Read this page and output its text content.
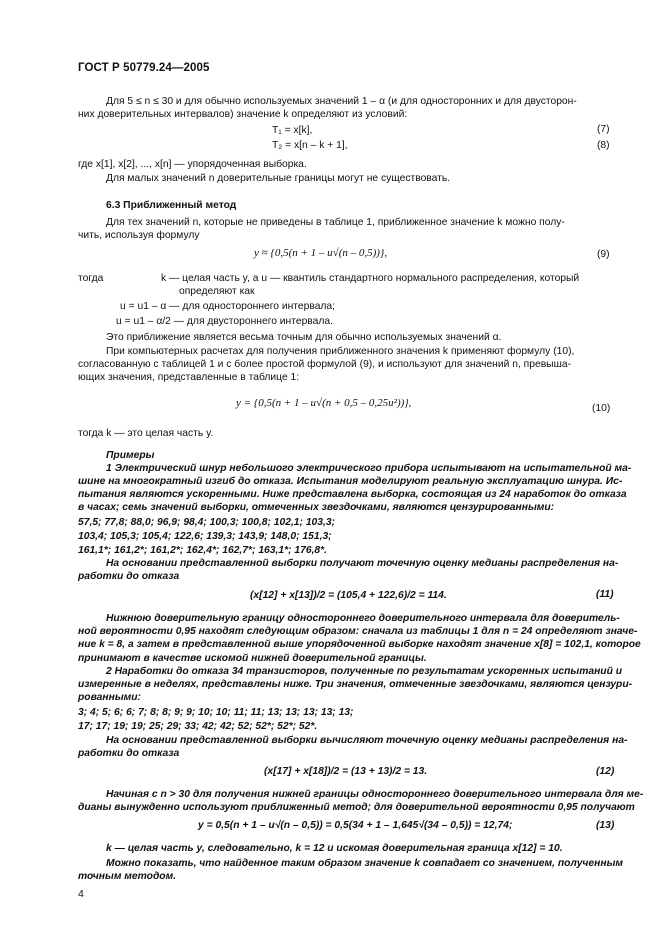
ГОСТ Р 50779.24—2005
Для 5 ≤ n ≤ 30 и для обычно используемых значений 1 – α (и для односторонних и для двусторон-
них доверительных интервалов) значение k определяют из условий:
T₁ = x[k],	(7)
T₂ = x[n – k + 1],	(8)
где x[1], x[2], ..., x[n] — упорядоченная выборка.
Для малых значений n доверительные границы могут не существовать.
6.3 Приближенный метод
Для тех значений n, которые не приведены в таблице 1, приближенное значение k можно полу-
чить, используя формулу
y ≈ {0,5(n + 1 – u√(n – 0,5))},	(9)
тогда	k — целая часть y, а u — квантиль стандартного нормального распределения, который
определяют как
u = u1 – α — для одностороннего интервала;
u = u1 – α/2 — для двустороннего интервала.
Это приближение является весьма точным для обычно используемых значений α.
При компьютерных расчетах для получения приближенного значения k применяют формулу (10),
согласованную с таблицей 1 и с более простой формулой (9), и используют для значений n, превыша-
ющих значения, представленные в таблице 1:
y = {0,5(n + 1 – u√(n + 0,5 – 0,25u²))},	(10)
тогда k — это целая часть y.
Примеры
1 Электрический шнур небольшого электрического прибора испытывают на испытательной ма-
шине на многократный изгиб до отказа. Испытания моделируют реальную эксплуатацию шнура. Ис-
пытания являются ускоренными. Ниже представлена выборка, состоящая из 24 наработок до отказа
в часах; семь значений выборки, отмеченных звездочками, являются цензурированными:
57,5; 77,8; 88,0; 96,9; 98,4; 100,3; 100,8; 102,1; 103,3;
103,4; 105,3; 105,4; 122,6; 139,3; 143,9; 148,0; 151,3;
161,1*; 161,2*; 161,2*; 162,4*; 162,7*; 163,1*; 176,8*.
На основании представленной выборки получают точечную оценку медианы распределения на-
работки до отказа
(x[12] + x[13])/2 = (105,4 + 122,6)/2 = 114.	(11)
Нижнюю доверительную границу одностороннего доверительного интервала для доверитель-
ной вероятности 0,95 находят следующим образом: сначала из таблицы 1 для n = 24 определяют значе-
ние k = 8, а затем в представленной выше упорядоченной выборке находят значение x[8] = 102,1, которое
принимают в качестве искомой нижней доверительной границы.
2 Наработки до отказа 34 транзисторов, полученные по результатам ускоренных испытаний и
измеренные в неделях, представлены ниже. Три значения, отмеченные звездочками, являются цензури-
рованными:
3; 4; 5; 6; 6; 7; 8; 8; 9; 9; 10; 10; 11; 11; 13; 13; 13; 13; 13;
17; 17; 19; 19; 25; 29; 33; 42; 42; 52; 52*; 52*; 52*.
На основании представленной выборки вычисляют точечную оценку медианы распределения на-
работки до отказа
(x[17] + x[18])/2 = (13 + 13)/2 = 13.	(12)
Начиная с n > 30 для получения нижней границы одностороннего доверительного интервала для ме-
дианы вынужденно используют приближенный метод; для доверительной вероятности 0,95 получают
y = 0,5(n + 1 – u√(n – 0,5)) = 0,5(34 + 1 – 1,645√(34 – 0,5)) = 12,74;	(13)
k — целая часть y, следовательно, k = 12 и искомая доверительная граница x[12] = 10.
Можно показать, что найденное таким образом значение k совпадает со значением, полученным
точным методом.
4
